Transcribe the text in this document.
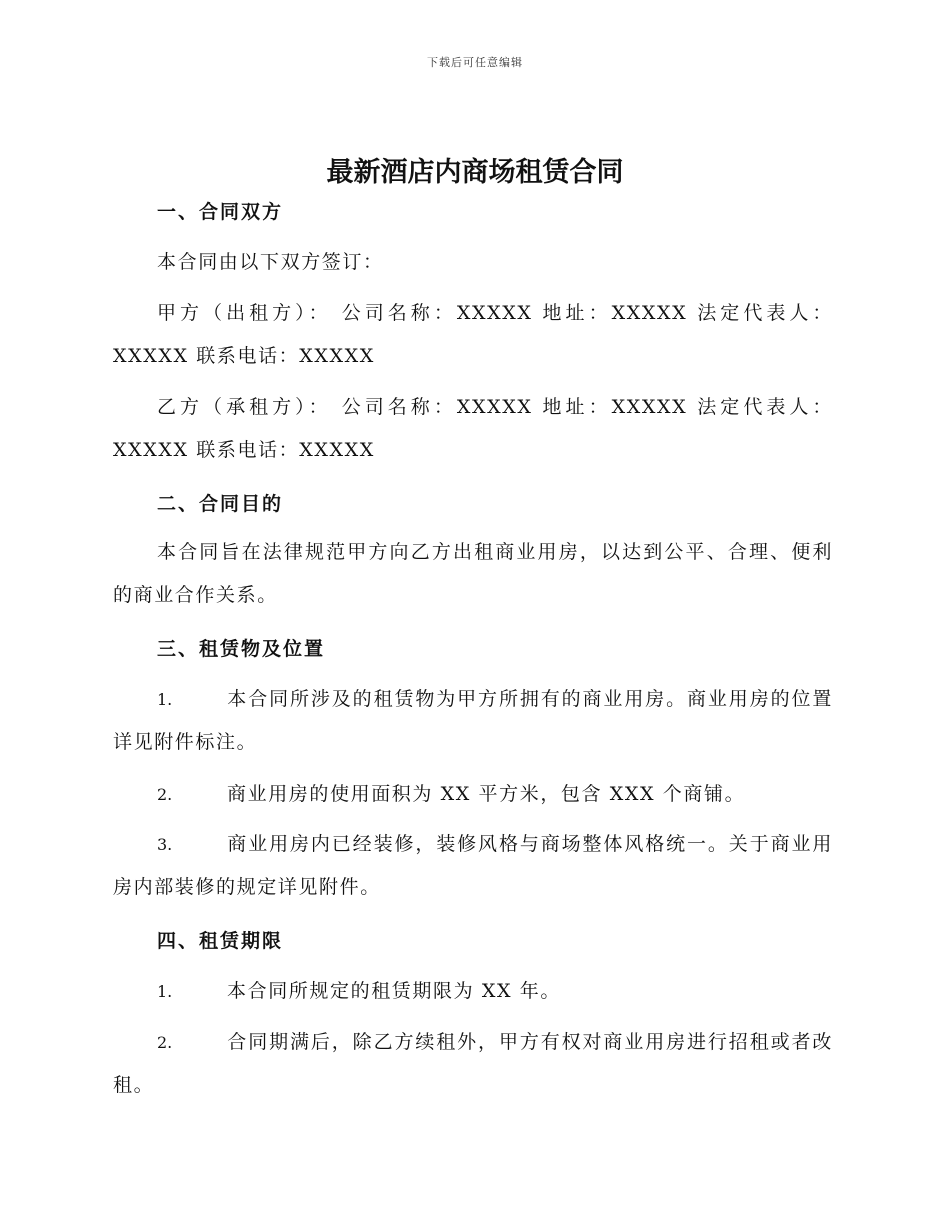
下载后可任意编辑
最新酒店内商场租赁合同
一、合同双方
本合同由以下双方签订：
甲方（出租方）： 公司名称：XXXXX 地址：XXXXX 法定代表人：XXXXX 联系电话：XXXXX
乙方（承租方）： 公司名称：XXXXX 地址：XXXXX 法定代表人：XXXXX 联系电话：XXXXX
二、合同目的
本合同旨在法律规范甲方向乙方出租商业用房，以达到公平、合理、便利的商业合作关系。
三、租赁物及位置
1.	本合同所涉及的租赁物为甲方所拥有的商业用房。商业用房的位置详见附件标注。
2.	商业用房的使用面积为 XX 平方米，包含 XXX 个商铺。
3.	商业用房内已经装修，装修风格与商场整体风格统一。关于商业用房内部装修的规定详见附件。
四、租赁期限
1.	本合同所规定的租赁期限为 XX 年。
2.	合同期满后，除乙方续租外，甲方有权对商业用房进行招租或者改租。
